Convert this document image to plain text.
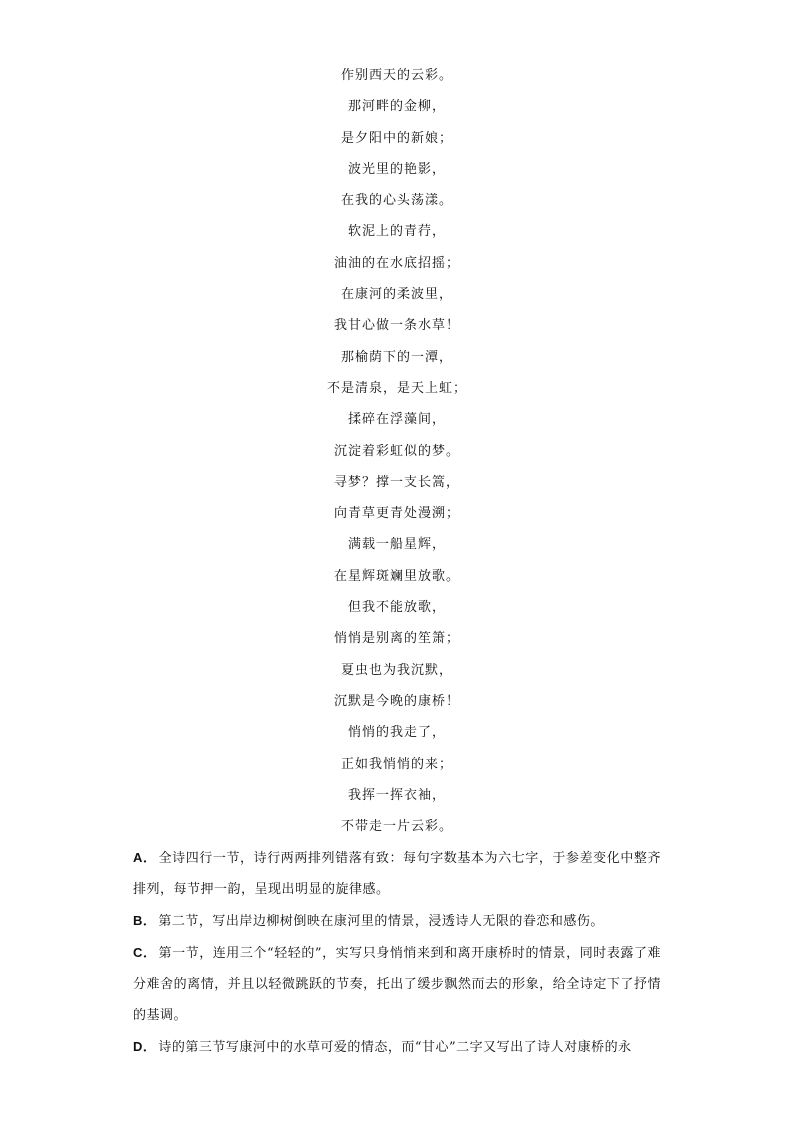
作别西天的云彩。
那河畔的金柳，
是夕阳中的新娘；
波光里的艳影，
在我的心头荡漾。
软泥上的青荇，
油油的在水底招摇；
在康河的柔波里，
我甘心做一条水草！
那榆荫下的一潭，
不是清泉，是天上虹；
揉碎在浮藻间，
沉淀着彩虹似的梦。
寻梦？撑一支长篙，
向青草更青处漫溯；
满载一船星辉，
在星辉斑斓里放歌。
但我不能放歌，
悄悄是别离的笙箫；
夏虫也为我沉默，
沉默是今晚的康桥！
悄悄的我走了，
正如我悄悄的来；
我挥一挥衣袖，
不带走一片云彩。

A． 全诗四行一节，诗行两两排列错落有致：每句字数基本为六七字，于参差变化中整齐排列，每节押一韵，呈现出明显的旋律感。

B． 第二节，写出岸边柳树倒映在康河里的情景，浸透诗人无限的眷恋和感伤。

C． 第一节，连用三个“轻轻的”，实写只身悄悄来到和离开康桥时的情景，同时表露了难分难舍的离情，并且以轻微跳跃的节奏，托出了缓步飘然而去的形象，给全诗定下了抒情的基调。

D． 诗的第三节写康河中的水草可爱的情态，而“甘心”二字又写出了诗人对康桥的永
